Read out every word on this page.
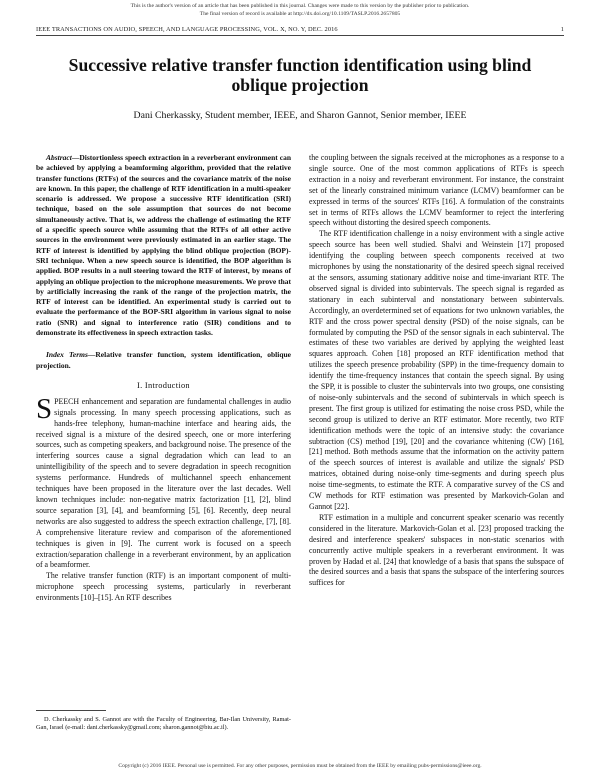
This is the author's version of an article that has been published in this journal. Changes were made to this version by the publisher prior to publication.
The final version of record is available at http://dx.doi.org/10.1109/TASLP.2016.2657805
IEEE TRANSACTIONS ON AUDIO, SPEECH, AND LANGUAGE PROCESSING, VOL. X, NO. Y, DEC. 2016	1
Successive relative transfer function identification using blind oblique projection
Dani Cherkassky, Student member, IEEE, and Sharon Gannot, Senior member, IEEE

Abstract—Distortionless speech extraction in a reverberant environment can be achieved by applying a beamforming algorithm, provided that the relative transfer functions (RTFs) of the sources and the covariance matrix of the noise are known. In this paper, the challenge of RTF identification in a multi-speaker scenario is addressed. We propose a successive RTF identification (SRI) technique, based on the sole assumption that sources do not become simultaneously active. That is, we address the challenge of estimating the RTF of a specific speech source while assuming that the RTFs of all other active sources in the environment were previously estimated in an earlier stage. The RTF of interest is identified by applying the blind oblique projection (BOP)-SRI technique. When a new speech source is identified, the BOP algorithm is applied. BOP results in a null steering toward the RTF of interest, by means of applying an oblique projection to the microphone measurements. We prove that by artificially increasing the rank of the range of the projection matrix, the RTF of interest can be identified. An experimental study is carried out to evaluate the performance of the BOP-SRI algorithm in various signal to noise ratio (SNR) and signal to interference ratio (SIR) conditions and to demonstrate its effectiveness in speech extraction tasks.

Index Terms—Relative transfer function, system identification, oblique projection.

I. Introduction

SPEECH enhancement and separation are fundamental challenges in audio signals processing. In many speech processing applications, such as hands-free telephony, human-machine interface and hearing aids, the received signal is a mixture of the desired speech, one or more interfering sources, such as competing speakers, and background noise. The presence of the interfering sources cause a signal degradation which can lead to an unintelligibility of the speech and to severe degradation in speech recognition systems performance. Hundreds of multichannel speech enhancement techniques have been proposed in the literature over the last decades. Well known techniques include: non-negative matrix factorization [1], [2], blind source separation [3], [4], and beamforming [5], [6]. Recently, deep neural networks are also suggested to address the speech extraction challenge, [7], [8]. A comprehensive literature review and comparison of the aforementioned techniques is given in [9]. The current work is focused on a speech extraction/separation challenge in a reverberant environment, by an application of a beamformer.

The relative transfer function (RTF) is an important component of multi-microphone speech processing systems, particularly in reverberant environments [10]–[15]. An RTF describes

D. Cherkassky and S. Gannot are with the Faculty of Engineering, Bar-Ilan University, Ramat-Gan, Israel (e-mail: dani.cherkassky@gmail.com; sharon.gannot@biu.ac.il).

the coupling between the signals received at the microphones as a response to a single source. One of the most common applications of RTFs is speech extraction in a noisy and reverberant environment. For instance, the constraint set of the linearly constrained minimum variance (LCMV) beamformer can be expressed in terms of the sources' RTFs [16]. A formulation of the constraints set in terms of RTFs allows the LCMV beamformer to reject the interfering speech without distorting the desired speech components.

The RTF identification challenge in a noisy environment with a single active speech source has been well studied. Shalvi and Weinstein [17] proposed identifying the coupling between speech components received at two microphones by using the nonstationarity of the desired speech signal received at the sensors, assuming stationary additive noise and time-invariant RTF. The observed signal is divided into subintervals. The speech signal is regarded as stationary in each subinterval and nonstationary between subintervals. Accordingly, an overdetermined set of equations for two unknown variables, the RTF and the cross power spectral density (PSD) of the noise signals, can be formulated by computing the PSD of the sensor signals in each subinterval. The estimates of these two variables are derived by applying the weighted least squares approach. Cohen [18] proposed an RTF identification method that utilizes the speech presence probability (SPP) in the time-frequency domain to identify the time-frequency instances that contain the speech signal. By using the SPP, it is possible to cluster the subintervals into two groups, one consisting of noise-only subintervals and the second of subintervals in which speech is present. The first group is utilized for estimating the noise cross PSD, while the second group is utilized to derive an RTF estimator. More recently, two RTF identification methods were the topic of an intensive study: the covariance subtraction (CS) method [19], [20] and the covariance whitening (CW) [16], [21] method. Both methods assume that the information on the activity pattern of the speech sources of interest is available and utilize the signals' PSD matrices, obtained during noise-only time-segments and during speech plus noise time-segments, to estimate the RTF. A comparative survey of the CS and CW methods for RTF estimation was presented by Markovich-Golan and Gannot [22].

RTF estimation in a multiple and concurrent speaker scenario was recently considered in the literature. Markovich-Golan et al. [23] proposed tracking the desired and interference speakers' subspaces in non-static scenarios with concurrently active multiple speakers in a reverberant environment. It was proven by Hadad et al. [24] that knowledge of a basis that spans the subspace of the desired sources and a basis that spans the subspace of the interfering sources suffices for

Copyright (c) 2016 IEEE. Personal use is permitted. For any other purposes, permission must be obtained from the IEEE by emailing pubs-permissions@ieee.org.
